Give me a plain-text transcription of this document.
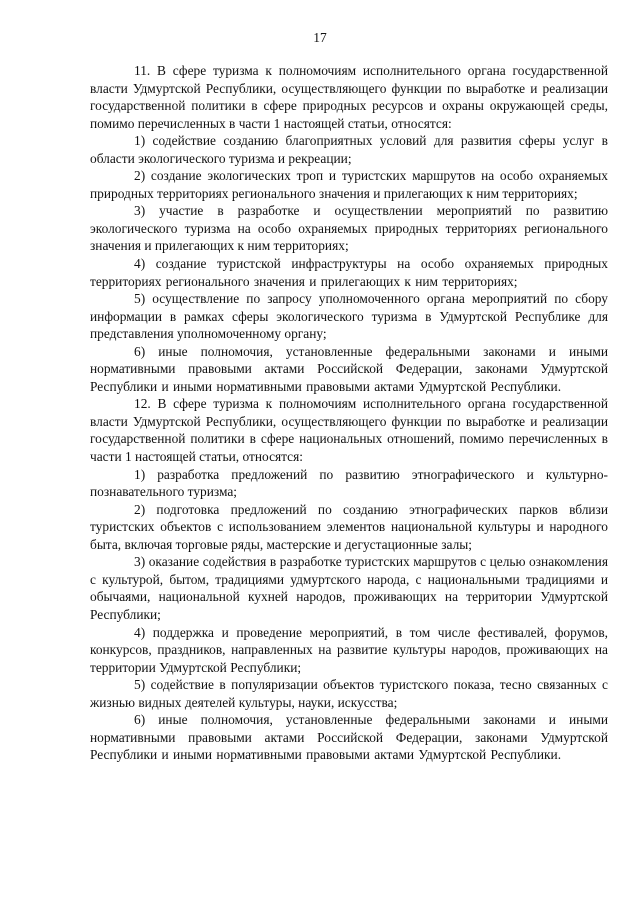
17

11. В сфере туризма к полномочиям исполнительного органа государственной власти Удмуртской Республики, осуществляющего функции по выработке и реализации государственной политики в сфере природных ресурсов и охраны окружающей среды, помимо перечисленных в части 1 настоящей статьи, относятся:

1) содействие созданию благоприятных условий для развития сферы услуг в области экологического туризма и рекреации;

2) создание экологических троп и туристских маршрутов на особо охраняемых природных территориях регионального значения и прилегающих к ним территориях;

3) участие в разработке и осуществлении мероприятий по развитию экологического туризма на особо охраняемых природных территориях регионального значения и прилегающих к ним территориях;

4) создание туристской инфраструктуры на особо охраняемых природных территориях регионального значения и прилегающих к ним территориях;

5) осуществление по запросу уполномоченного органа мероприятий по сбору информации в рамках сферы экологического туризма в Удмуртской Республике для представления уполномоченному органу;

6) иные полномочия, установленные федеральными законами и иными нормативными правовыми актами Российской Федерации, законами Удмуртской Республики и иными нормативными правовыми актами Удмуртской Республики.

12. В сфере туризма к полномочиям исполнительного органа государственной власти Удмуртской Республики, осуществляющего функции по выработке и реализации государственной политики в сфере национальных отношений, помимо перечисленных в части 1 настоящей статьи, относятся:

1) разработка предложений по развитию этнографического и культурно-познавательного туризма;

2) подготовка предложений по созданию этнографических парков вблизи туристских объектов с использованием элементов национальной культуры и народного быта, включая торговые ряды, мастерские и дегустационные залы;

3) оказание содействия в разработке туристских маршрутов с целью ознакомления с культурой, бытом, традициями удмуртского народа, с национальными традициями и обычаями, национальной кухней народов, проживающих на территории Удмуртской Республики;

4) поддержка и проведение мероприятий, в том числе фестивалей, форумов, конкурсов, праздников, направленных на развитие культуры народов, проживающих на территории Удмуртской Республики;

5) содействие в популяризации объектов туристского показа, тесно связанных с жизнью видных деятелей культуры, науки, искусства;

6) иные полномочия, установленные федеральными законами и иными нормативными правовыми актами Российской Федерации, законами Удмуртской Республики и иными нормативными правовыми актами Удмуртской Республики.
